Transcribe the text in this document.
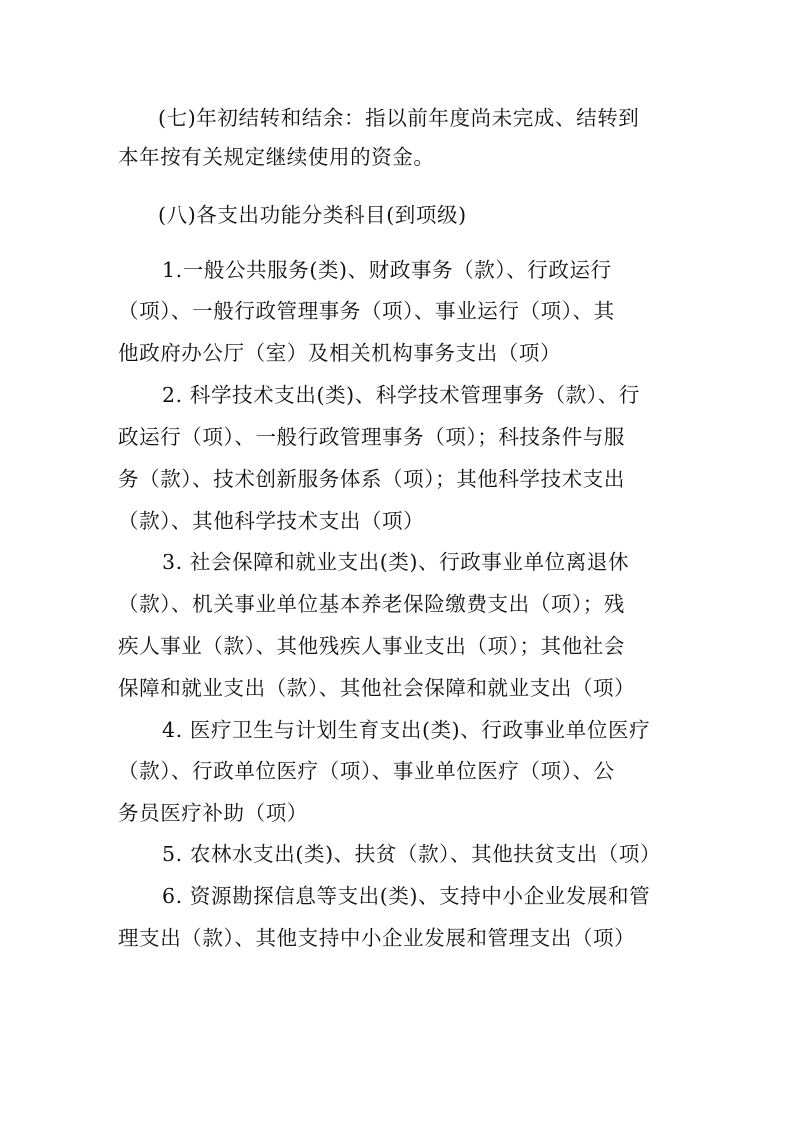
(七)年初结转和结余：指以前年度尚未完成、结转到
本年按有关规定继续使用的资金。
(八)各支出功能分类科目(到项级)
1.一般公共服务(类)、财政事务（款）、行政运行
（项）、一般行政管理事务（项）、事业运行（项）、其
他政府办公厅（室）及相关机构事务支出（项）
2. 科学技术支出(类)、科学技术管理事务（款）、行
政运行（项）、一般行政管理事务（项）；科技条件与服
务（款）、技术创新服务体系（项）；其他科学技术支出
（款）、其他科学技术支出（项）
3. 社会保障和就业支出(类)、行政事业单位离退休
（款）、机关事业单位基本养老保险缴费支出（项）；残
疾人事业（款）、其他残疾人事业支出（项）；其他社会
保障和就业支出（款）、其他社会保障和就业支出（项）
4. 医疗卫生与计划生育支出(类)、行政事业单位医疗
（款）、行政单位医疗（项）、事业单位医疗（项）、公
务员医疗补助（项）
5. 农林水支出(类)、扶贫（款）、其他扶贫支出（项）
6. 资源勘探信息等支出(类)、支持中小企业发展和管
理支出（款）、其他支持中小企业发展和管理支出（项）
